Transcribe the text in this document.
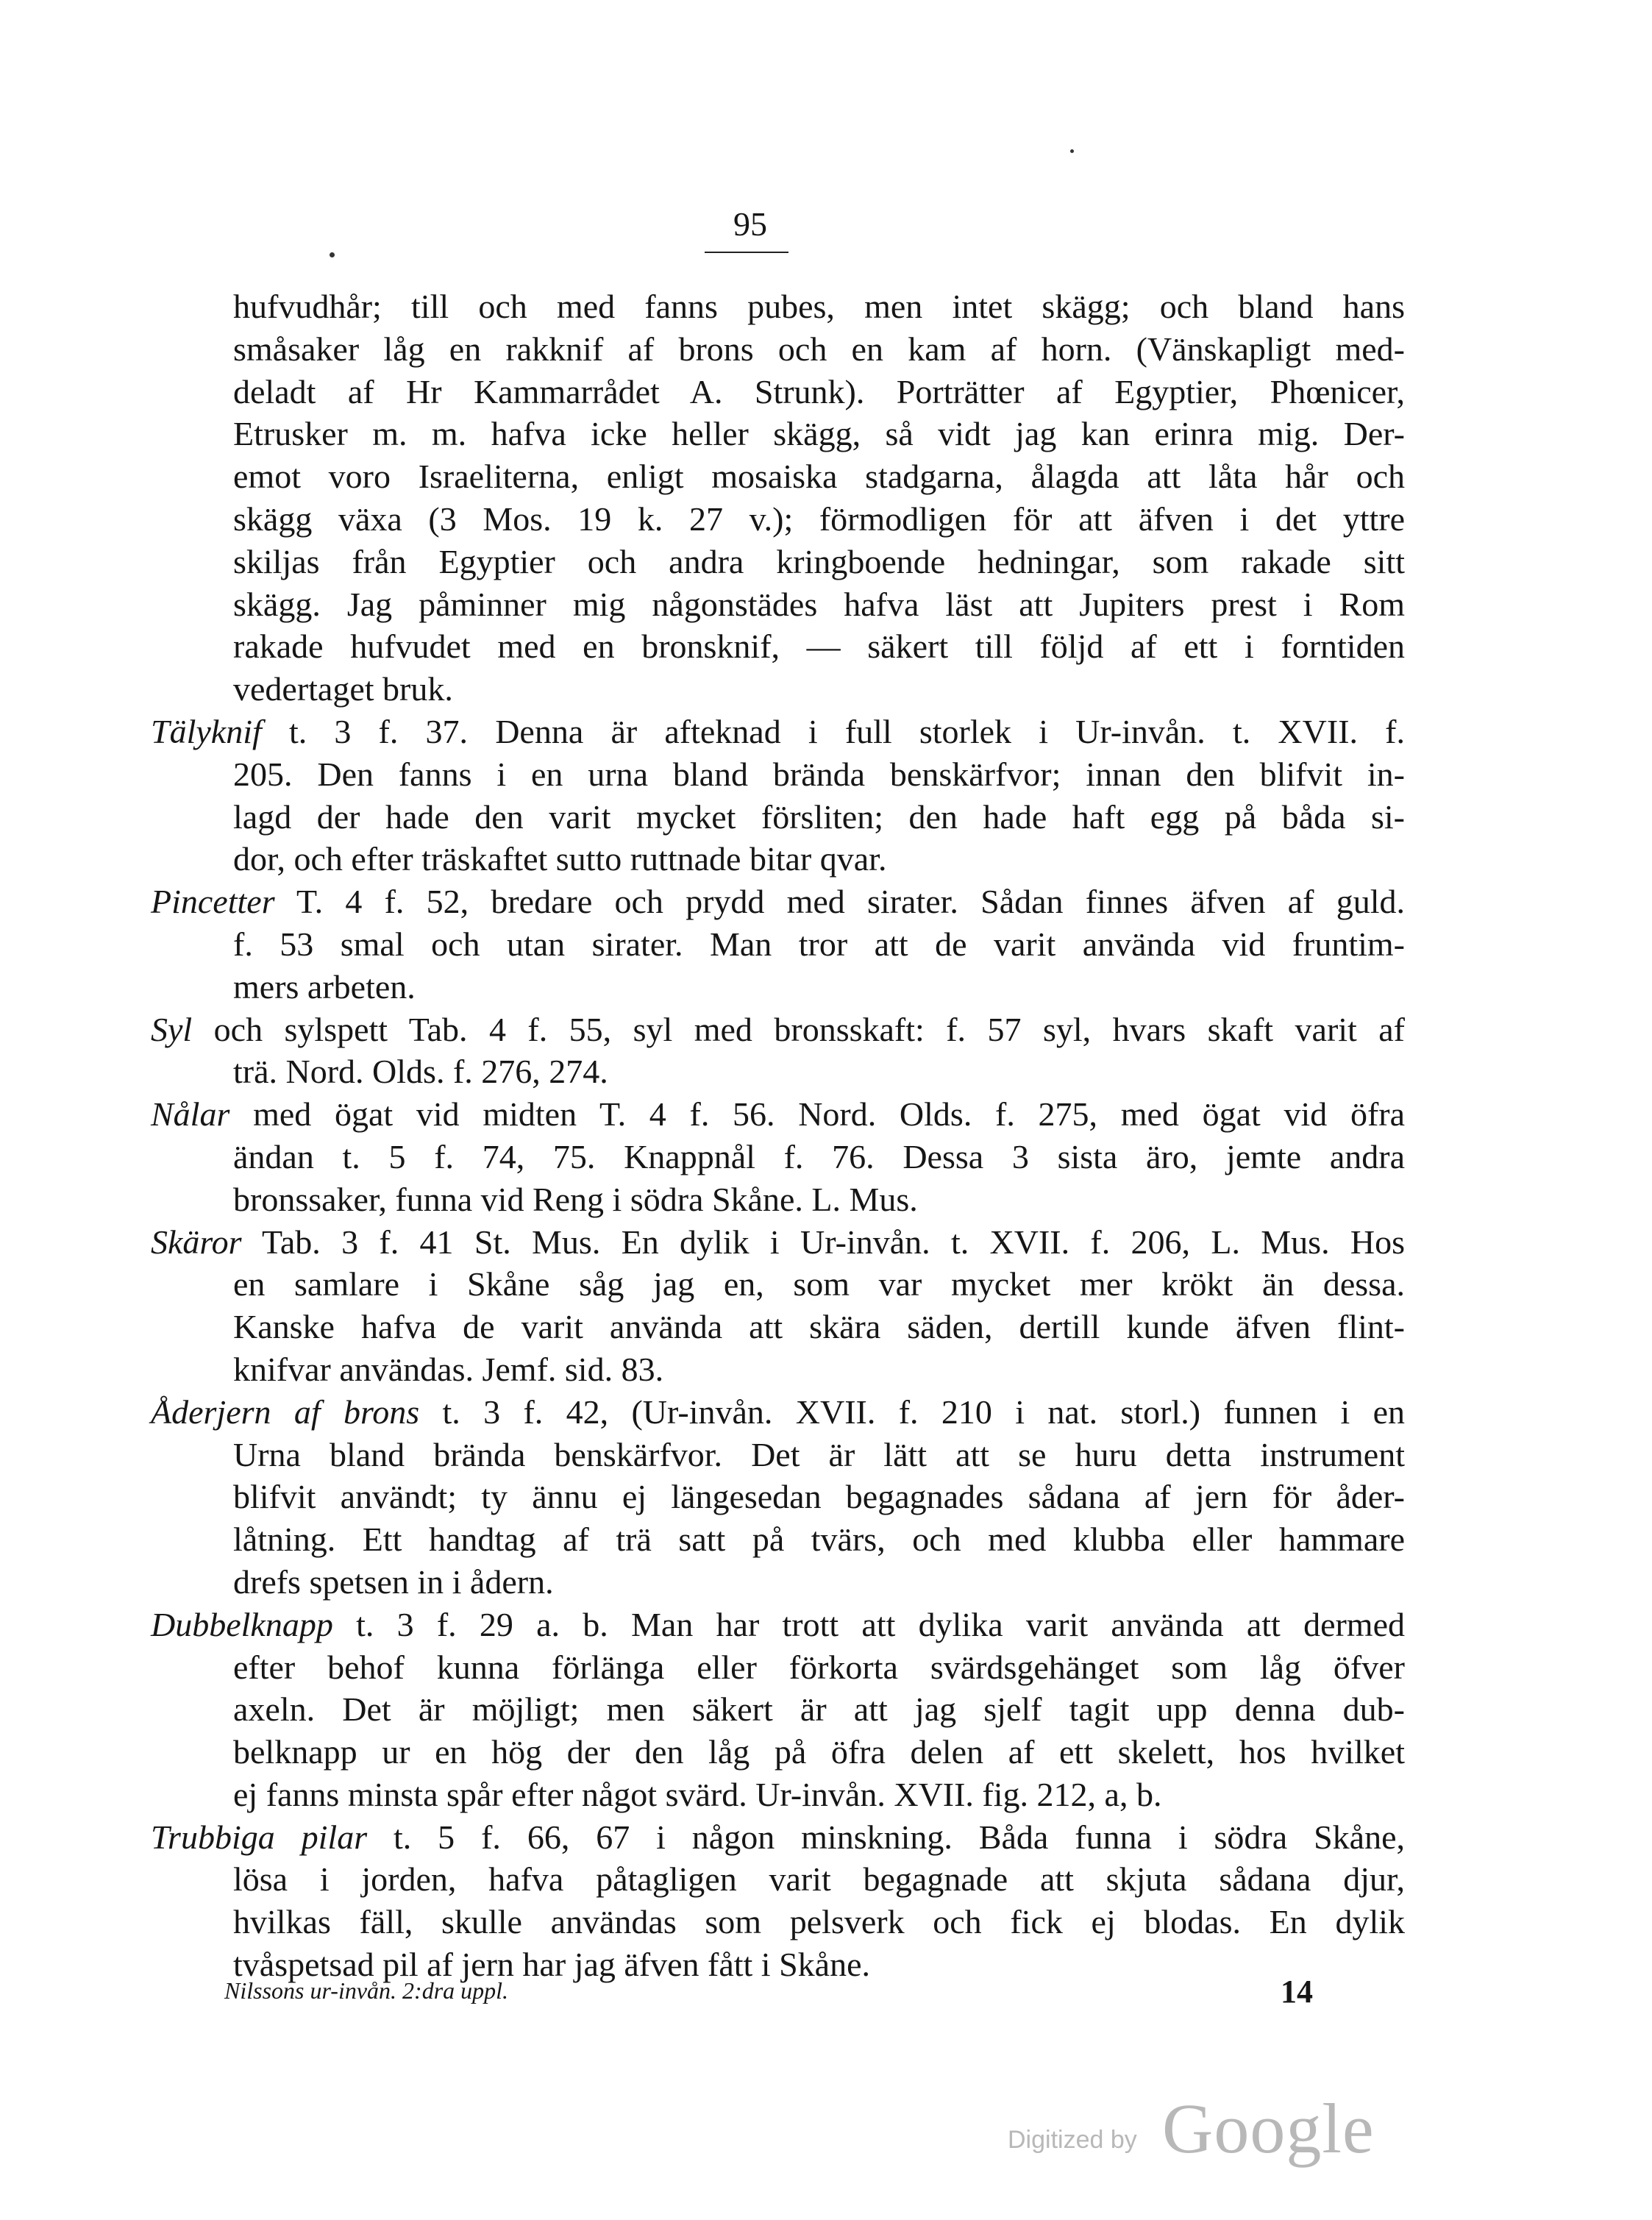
95
hufvudhår; till och med fanns pubes, men intet skägg; och bland hans
småsaker låg en rakknif af brons och en kam af horn. (Vänskapligt med-
deladt af Hr Kammarrådet A. Strunk). Porträtter af Egyptier, Phœnicer,
Etrusker m. m. hafva icke heller skägg, så vidt jag kan erinra mig. Der-
emot voro Israeliterna, enligt mosaiska stadgarna, ålagda att låta hår och
skägg växa (3 Mos. 19 k. 27 v.); förmodligen för att äfven i det yttre
skiljas från Egyptier och andra kringboende hedningar, som rakade sitt
skägg. Jag påminner mig någonstädes hafva läst att Jupiters prest i Rom
rakade hufvudet med en bronsknif, — säkert till följd af ett i forntiden
vedertaget bruk.
Tälyknif t. 3 f. 37. Denna är afteknad i full storlek i Ur-invån. t. XVII. f.
205. Den fanns i en urna bland brända benskärfvor; innan den blifvit in-
lagd der hade den varit mycket försliten; den hade haft egg på båda si-
dor, och efter träskaftet sutto ruttnade bitar qvar.
Pincetter T. 4 f. 52, bredare och prydd med sirater. Sådan finnes äfven af guld.
f. 53 smal och utan sirater. Man tror att de varit använda vid fruntim-
mers arbeten.
Syl och sylspett Tab. 4 f. 55, syl med bronsskaft: f. 57 syl, hvars skaft varit af
trä. Nord. Olds. f. 276, 274.
Nålar med ögat vid midten T. 4 f. 56. Nord. Olds. f. 275, med ögat vid öfra
ändan t. 5 f. 74, 75. Knappnål f. 76. Dessa 3 sista äro, jemte andra
bronssaker, funna vid Reng i södra Skåne. L. Mus.
Skäror Tab. 3 f. 41 St. Mus. En dylik i Ur-invån. t. XVII. f. 206, L. Mus. Hos
en samlare i Skåne såg jag en, som var mycket mer krökt än dessa.
Kanske hafva de varit använda att skära säden, dertill kunde äfven flint-
knifvar användas. Jemf. sid. 83.
Åderjern af brons t. 3 f. 42, (Ur-invån. XVII. f. 210 i nat. storl.) funnen i en
Urna bland brända benskärfvor. Det är lätt att se huru detta instrument
blifvit användt; ty ännu ej längesedan begagnades sådana af jern för åder-
låtning. Ett handtag af trä satt på tvärs, och med klubba eller hammare
drefs spetsen in i ådern.
Dubbelknapp t. 3 f. 29 a. b. Man har trott att dylika varit använda att dermed
efter behof kunna förlänga eller förkorta svärdsgehänget som låg öfver
axeln. Det är möjligt; men säkert är att jag sjelf tagit upp denna dub-
belknapp ur en hög der den låg på öfra delen af ett skelett, hos hvilket
ej fanns minsta spår efter något svärd. Ur-invån. XVII. fig. 212, a, b.
Trubbiga pilar t. 5 f. 66, 67 i någon minskning. Båda funna i södra Skåne,
lösa i jorden, hafva påtagligen varit begagnade att skjuta sådana djur,
hvilkas fäll, skulle användas som pelsverk och fick ej blodas. En dylik
tvåspetsad pil af jern har jag äfven fått i Skåne.
Nilssons ur-invån. 2:dra uppl.	14
Digitized by Google
